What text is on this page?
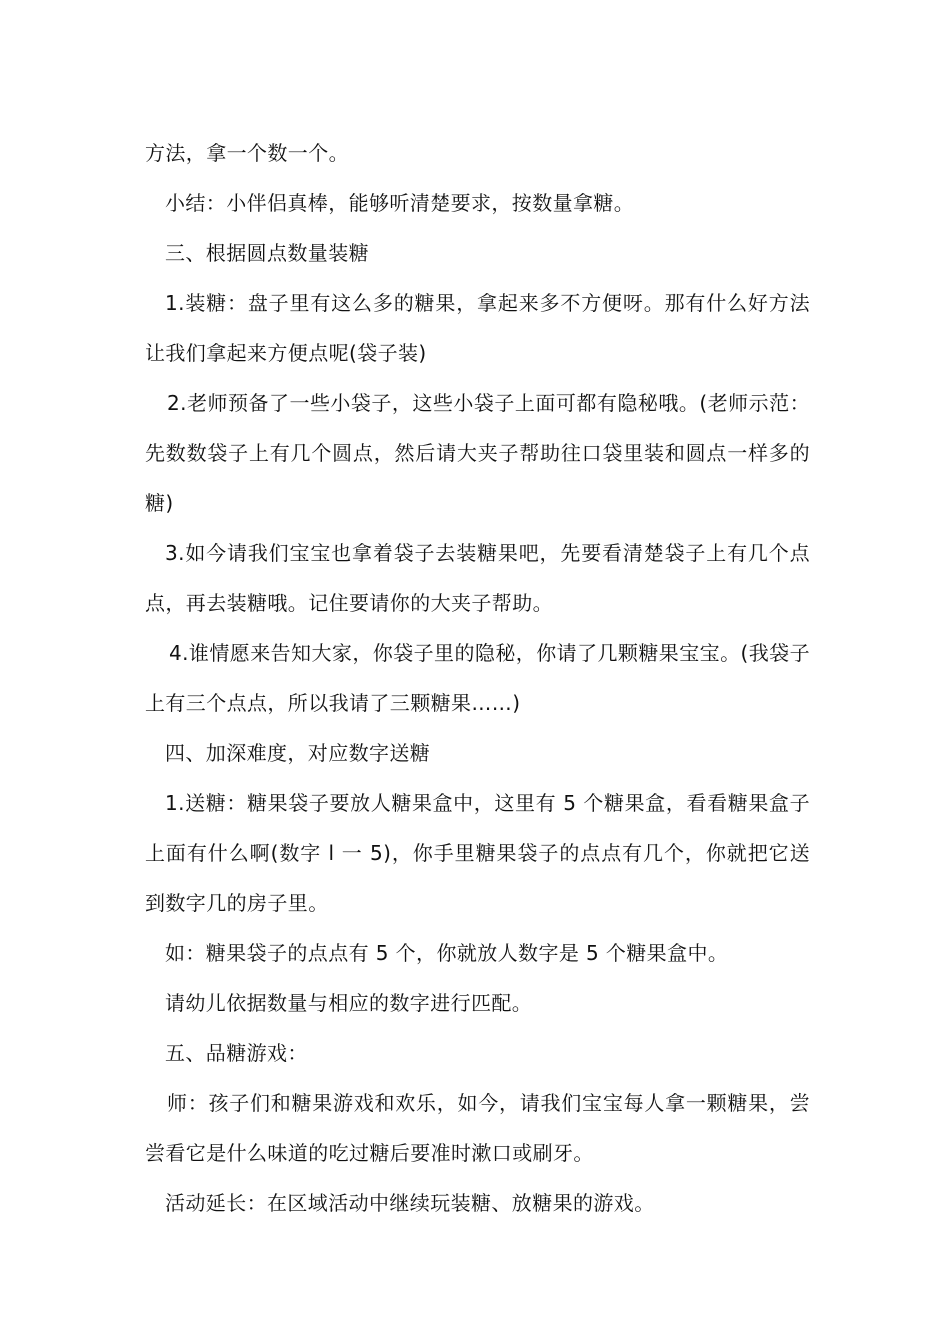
方法，拿一个数一个。

小结：小伴侣真棒，能够听清楚要求，按数量拿糖。

三、根据圆点数量装糖

1.装糖：盘子里有这么多的糖果，拿起来多不方便呀。那有什么好方法让我们拿起来方便点呢(袋子装)

2.老师预备了一些小袋子，这些小袋子上面可都有隐秘哦。(老师示范：先数数袋子上有几个圆点，然后请大夹子帮助往口袋里装和圆点一样多的糖)

3.如今请我们宝宝也拿着袋子去装糖果吧，先要看清楚袋子上有几个点点，再去装糖哦。记住要请你的大夹子帮助。

4.谁情愿来告知大家，你袋子里的隐秘，你请了几颗糖果宝宝。(我袋子上有三个点点，所以我请了三颗糖果……)

四、加深难度，对应数字送糖

1.送糖：糖果袋子要放人糖果盒中，这里有 5 个糖果盒，看看糖果盒子上面有什么啊(数字 l 一 5)，你手里糖果袋子的点点有几个，你就把它送到数字几的房子里。

如：糖果袋子的点点有 5 个，你就放人数字是 5 个糖果盒中。

请幼儿依据数量与相应的数字进行匹配。

五、品糖游戏：

师：孩子们和糖果游戏和欢乐，如今，请我们宝宝每人拿一颗糖果，尝尝看它是什么味道的吃过糖后要准时漱口或刷牙。

活动延长：在区域活动中继续玩装糖、放糖果的游戏。
